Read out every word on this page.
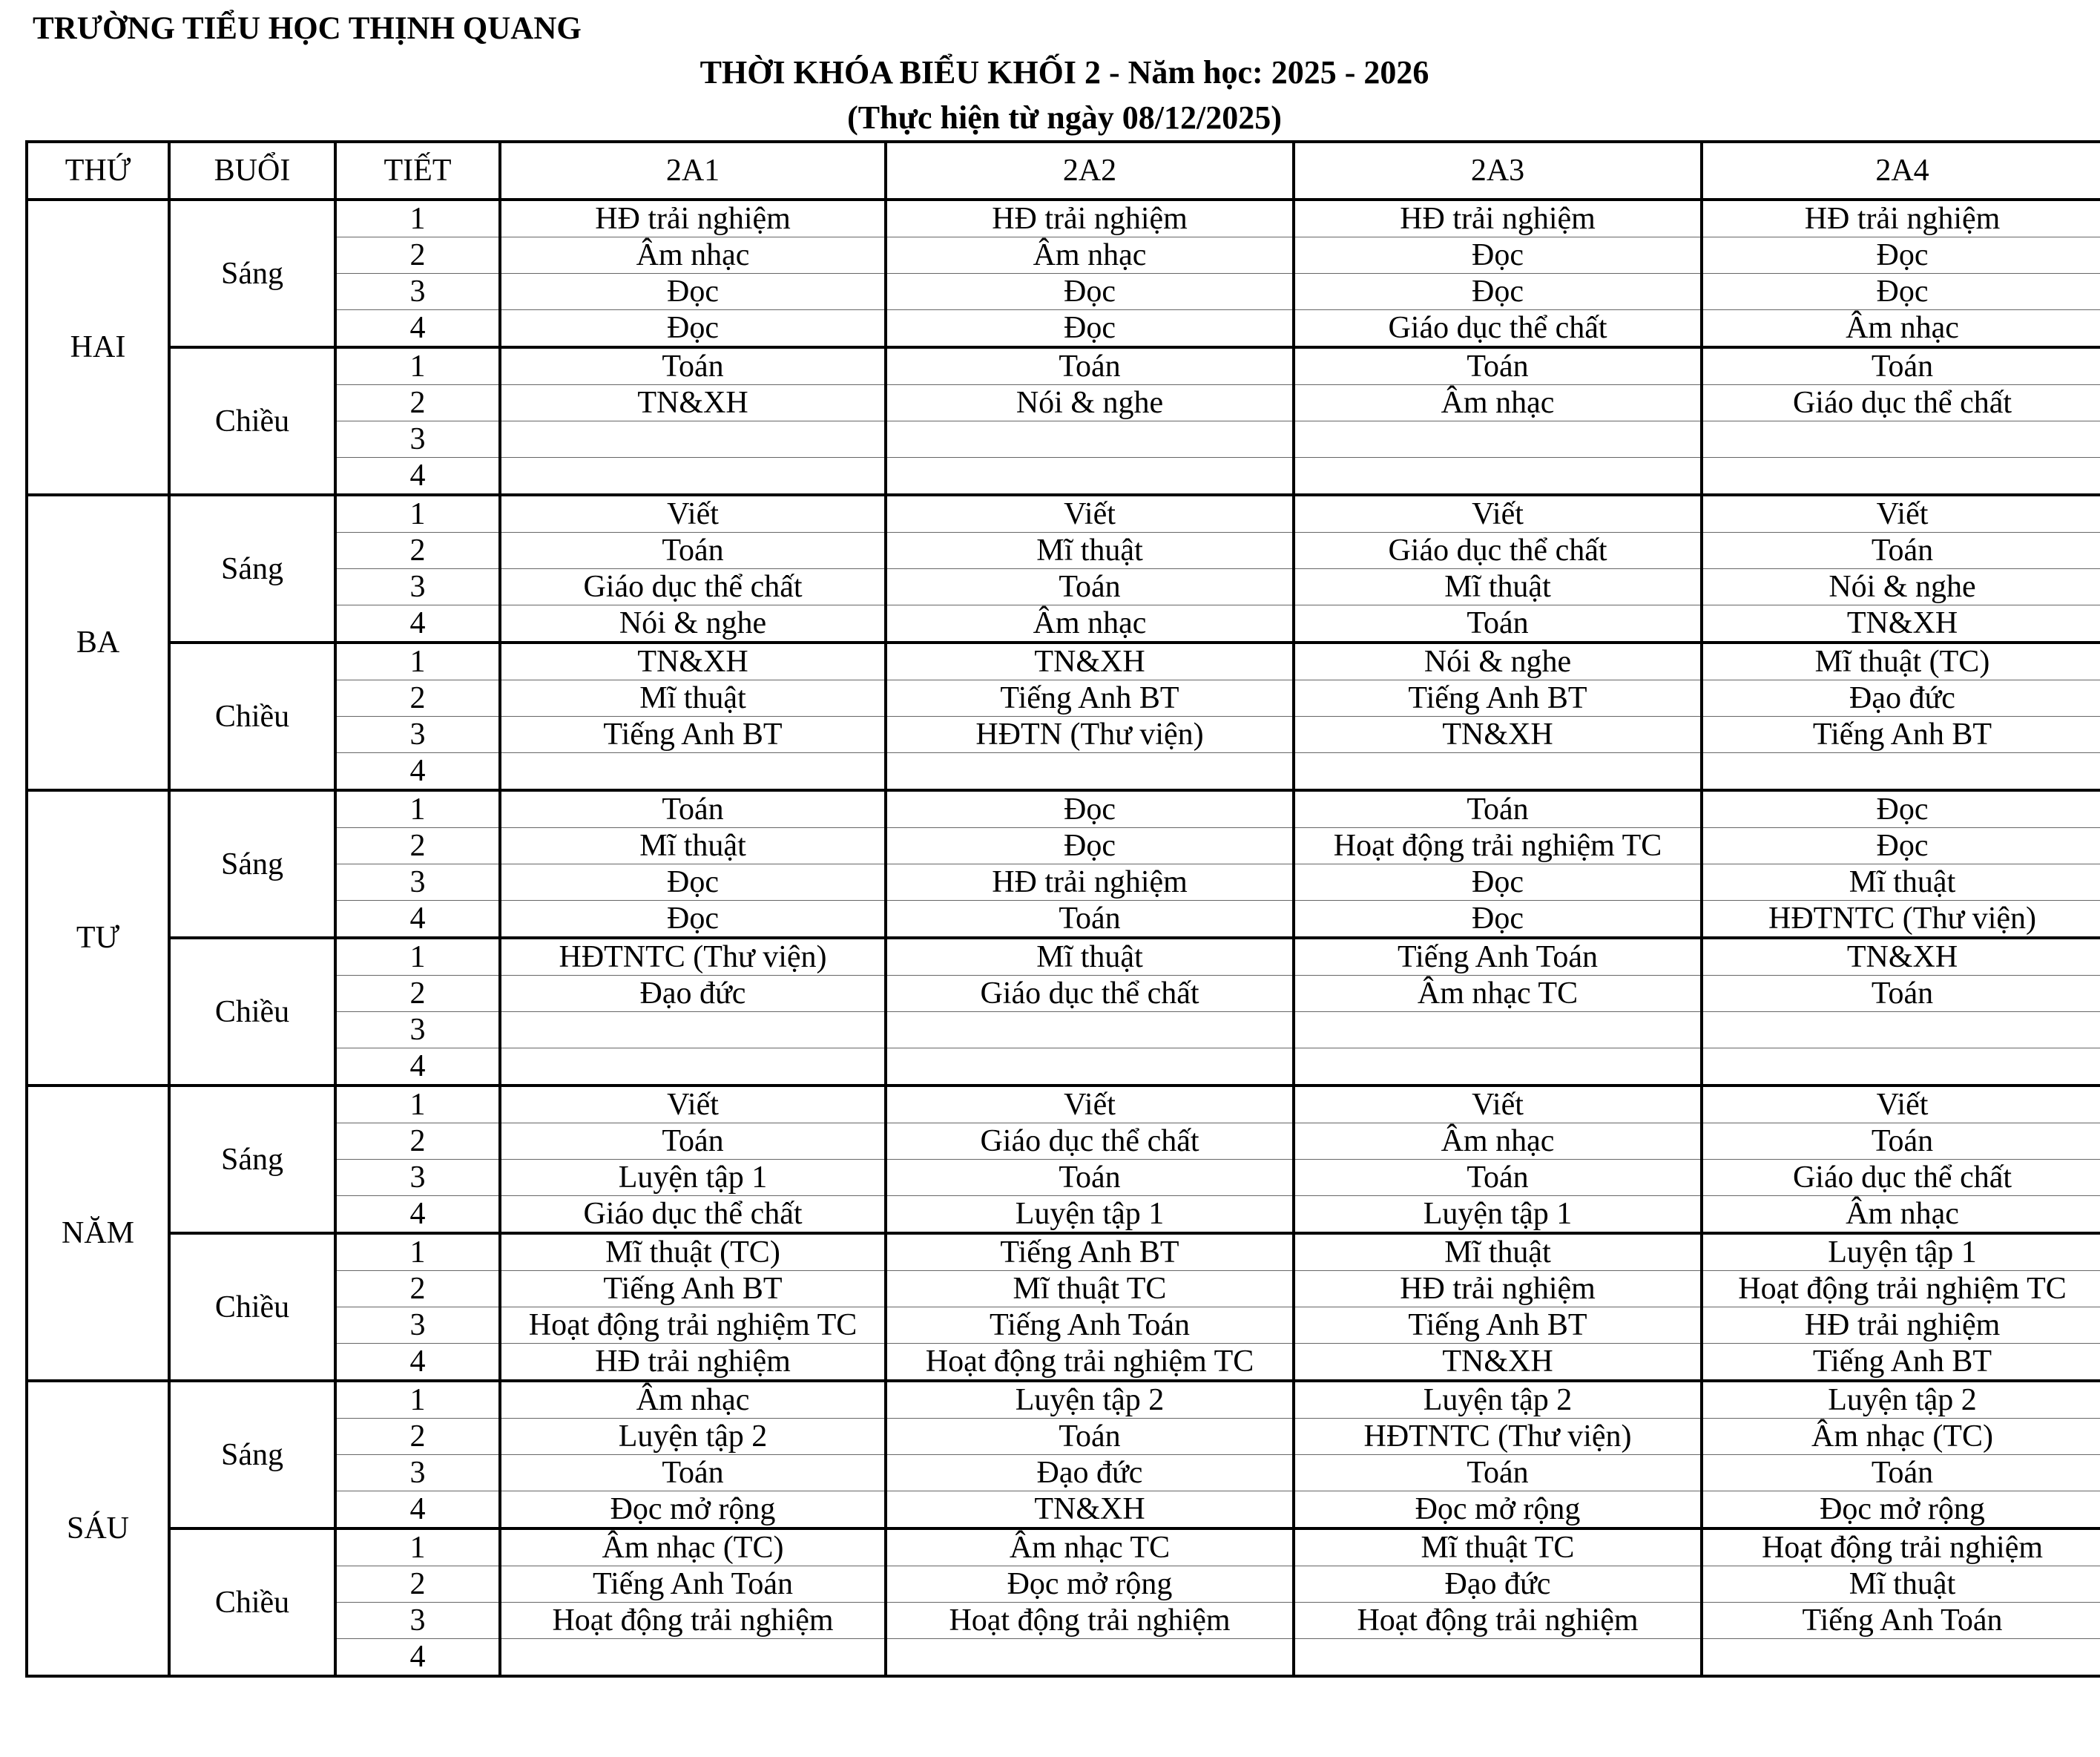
TRƯỜNG TIỂU HỌC THỊNH QUANG
THỜI KHÓA BIỂU KHỐI 2 - Năm học: 2025 - 2026
(Thực hiện từ ngày 08/12/2025)
THỨ	BUỔI	TIẾT	2A1	2A2	2A3	2A4
HAI	Sáng	1	HĐ trải nghiệm	HĐ trải nghiệm	HĐ trải nghiệm	HĐ trải nghiệm
		2	Âm nhạc	Âm nhạc	Đọc	Đọc
		3	Đọc	Đọc	Đọc	Đọc
		4	Đọc	Đọc	Giáo dục thể chất	Âm nhạc
	Chiều	1	Toán	Toán	Toán	Toán
		2	TN&XH	Nói & nghe	Âm nhạc	Giáo dục thể chất
		3				
		4				
BA	Sáng	1	Viết	Viết	Viết	Viết
		2	Toán	Mĩ thuật	Giáo dục thể chất	Toán
		3	Giáo dục thể chất	Toán	Mĩ thuật	Nói & nghe
		4	Nói & nghe	Âm nhạc	Toán	TN&XH
	Chiều	1	TN&XH	TN&XH	Nói & nghe	Mĩ thuật (TC)
		2	Mĩ thuật	Tiếng Anh BT	Tiếng Anh BT	Đạo đức
		3	Tiếng Anh BT	HĐTN (Thư viện)	TN&XH	Tiếng Anh BT
		4				
TƯ	Sáng	1	Toán	Đọc	Toán	Đọc
		2	Mĩ thuật	Đọc	Hoạt động trải nghiệm TC	Đọc
		3	Đọc	HĐ trải nghiệm	Đọc	Mĩ thuật
		4	Đọc	Toán	Đọc	HĐTNTC (Thư viện)
	Chiều	1	HĐTNTC (Thư viện)	Mĩ thuật	Tiếng Anh Toán	TN&XH
		2	Đạo đức	Giáo dục thể chất	Âm nhạc TC	Toán
		3				
		4				
NĂM	Sáng	1	Viết	Viết	Viết	Viết
		2	Toán	Giáo dục thể chất	Âm nhạc	Toán
		3	Luyện tập 1	Toán	Toán	Giáo dục thể chất
		4	Giáo dục thể chất	Luyện tập 1	Luyện tập 1	Âm nhạc
	Chiều	1	Mĩ thuật (TC)	Tiếng Anh BT	Mĩ thuật	Luyện tập 1
		2	Tiếng Anh BT	Mĩ thuật TC	HĐ trải nghiệm	Hoạt động trải nghiệm TC
		3	Hoạt động trải nghiệm TC	Tiếng Anh Toán	Tiếng Anh BT	HĐ trải nghiệm
		4	HĐ trải nghiệm	Hoạt động trải nghiệm TC	TN&XH	Tiếng Anh BT
SÁU	Sáng	1	Âm nhạc	Luyện tập 2	Luyện tập 2	Luyện tập 2
		2	Luyện tập 2	Toán	HĐTNTC (Thư viện)	Âm nhạc (TC)
		3	Toán	Đạo đức	Toán	Toán
		4	Đọc mở rộng	TN&XH	Đọc mở rộng	Đọc mở rộng
	Chiều	1	Âm nhạc (TC)	Âm nhạc TC	Mĩ thuật TC	Hoạt động trải nghiệm
		2	Tiếng Anh Toán	Đọc mở rộng	Đạo đức	Mĩ thuật
		3	Hoạt động trải nghiệm	Hoạt động trải nghiệm	Hoạt động trải nghiệm	Tiếng Anh Toán
		4				
